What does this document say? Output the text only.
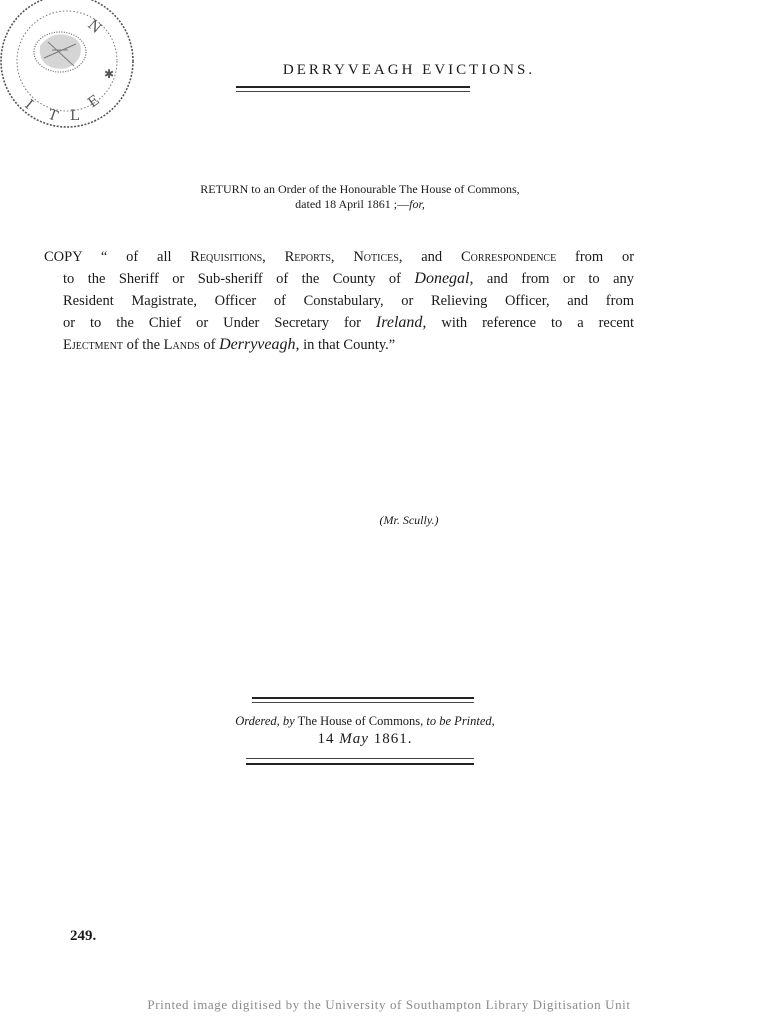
✱
N
E
L
T
I
DERRYVEAGH EVICTIONS.
RETURN to an Order of the Honourable The House of Commons,
dated 18 April 1861 ;—for,
COPY “ of all Requisitions, Reports, Notices, and Correspondence from or
to the Sheriff or Sub-sheriff of the County of Donegal, and from or to any
Resident Magistrate, Officer of Constabulary, or Relieving Officer, and from
or to the Chief or Under Secretary for Ireland, with reference to a recent
Ejectment of the Lands of Derryveagh, in that County.”
(Mr. Scully.)
Ordered, by The House of Commons, to be Printed,
14 May 1861.
249.
Printed image digitised by the University of Southampton Library Digitisation Unit
